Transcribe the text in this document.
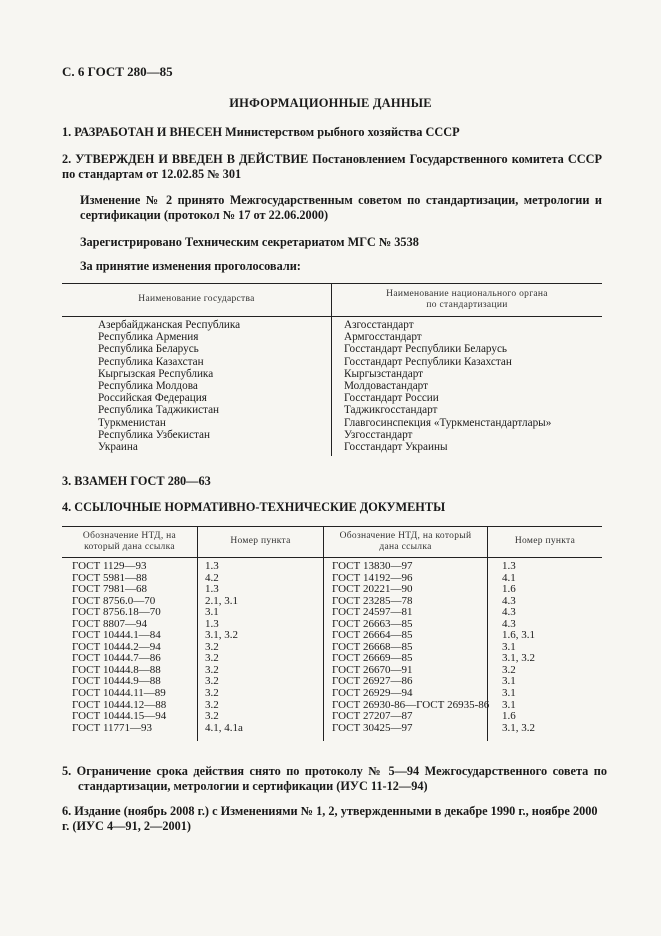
С. 6 ГОСТ 280—85
ИНФОРМАЦИОННЫЕ ДАННЫЕ
1. РАЗРАБОТАН И ВНЕСЕН Министерством рыбного хозяйства СССР
2. УТВЕРЖДЕН И ВВЕДЕН В ДЕЙСТВИЕ Постановлением Государственного комитета СССР по стандартам от 12.02.85 № 301
Изменение № 2 принято Межгосударственным советом по стандартизации, метрологии и сертификации (протокол № 17 от 22.06.2000)
Зарегистрировано Техническим секретариатом МГС № 3538
За принятие изменения проголосовали:
Наименование государства	Наименование национального органа
по стандартизации
Азербайджанская Республика
Республика Армения
Республика Беларусь
Республика Казахстан
Кыргызская Республика
Республика Молдова
Российская Федерация
Республика Таджикистан
Туркменистан
Республика Узбекистан
Украина
Азгосстандарт
Армгосстандарт
Госстандарт Республики Беларусь
Госстандарт Республики Казахстан
Кыргызстандарт
Молдовастандарт
Госстандарт России
Таджикгосстандарт
Главгосинспекция «Туркменстандартлары»
Узгосстандарт
Госстандарт Украины
3. ВЗАМЕН ГОСТ 280—63
4. ССЫЛОЧНЫЕ НОРМАТИВНО-ТЕХНИЧЕСКИЕ ДОКУМЕНТЫ
Обозначение НТД, на
который дана ссылка
Номер пункта	Обозначение НТД, на который
дана ссылка
Номер пункта
ГОСТ 1129—93
ГОСТ 5981—88
ГОСТ 7981—68
ГОСТ 8756.0—70
ГОСТ 8756.18—70
ГОСТ 8807—94
ГОСТ 10444.1—84
ГОСТ 10444.2—94
ГОСТ 10444.7—86
ГОСТ 10444.8—88
ГОСТ 10444.9—88
ГОСТ 10444.11—89
ГОСТ 10444.12—88
ГОСТ 10444.15—94
ГОСТ 11771—93
1.3
4.2
1.3
2.1, 3.1
3.1
1.3
3.1, 3.2
3.2
3.2
3.2
3.2
3.2
3.2
3.2
4.1, 4.1а
ГОСТ 13830—97
ГОСТ 14192—96
ГОСТ 20221—90
ГОСТ 23285—78
ГОСТ 24597—81
ГОСТ 26663—85
ГОСТ 26664—85
ГОСТ 26668—85
ГОСТ 26669—85
ГОСТ 26670—91
ГОСТ 26927—86
ГОСТ 26929—94
ГОСТ 26930-86—ГОСТ 26935-86
ГОСТ 27207—87
ГОСТ 30425—97
1.3
4.1
1.6
4.3
4.3
4.3
1.6, 3.1
3.1
3.1, 3.2
3.2
3.1
3.1
3.1
1.6
3.1, 3.2
5. Ограничение срока действия снято по протоколу № 5—94 Межгосударственного совета по стандартизации, метрологии и сертификации (ИУС 11-12—94)
6. Издание (ноябрь 2008 г.) с Изменениями № 1, 2, утвержденными в декабре 1990 г., ноябре 2000 г. (ИУС 4—91, 2—2001)
